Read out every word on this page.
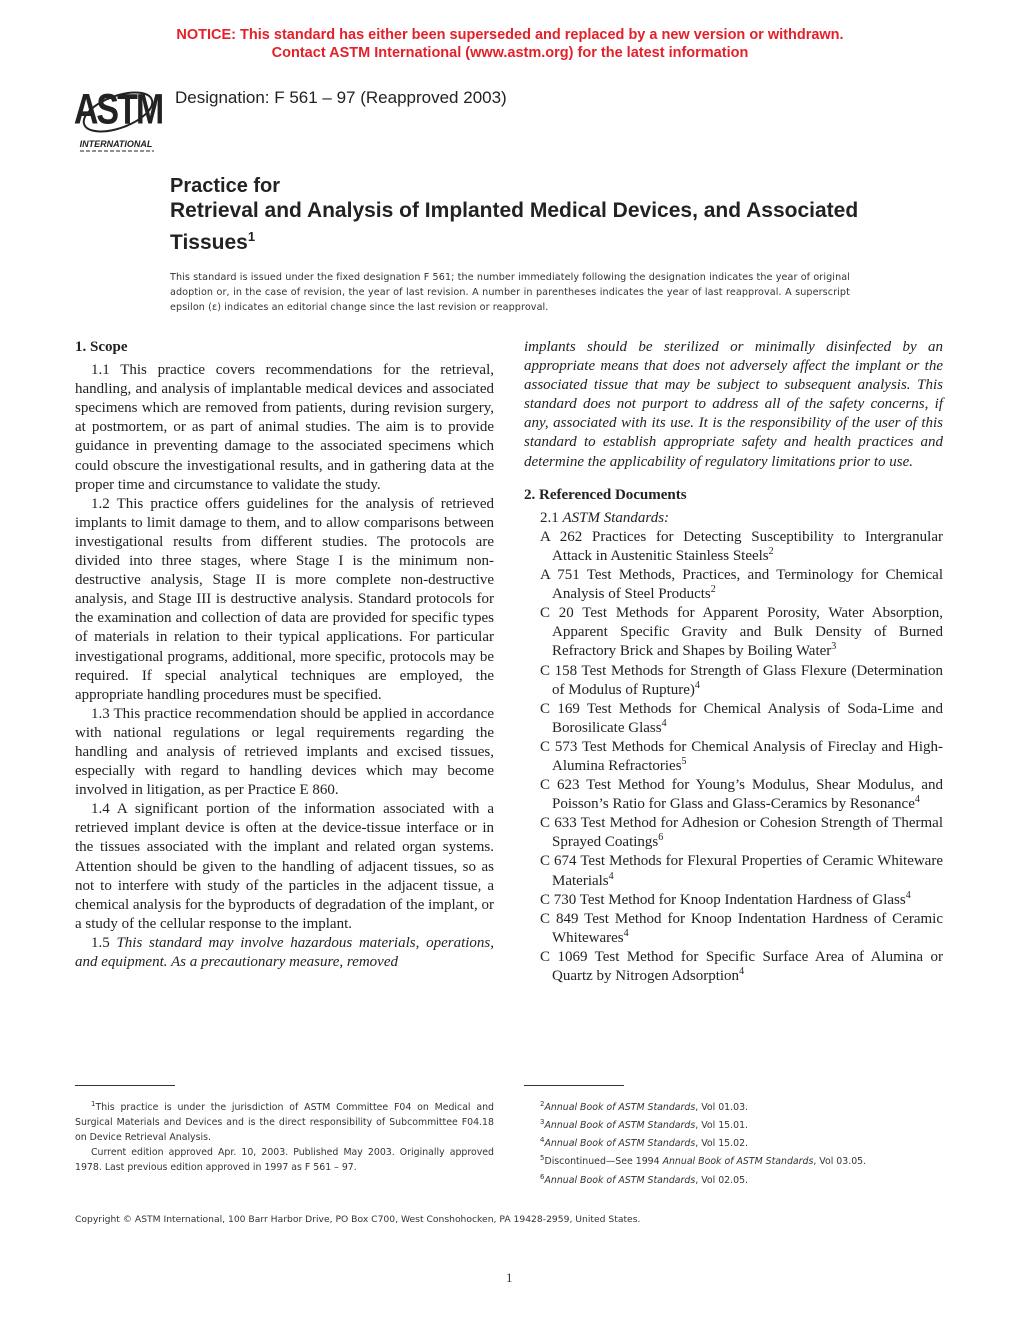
NOTICE: This standard has either been superseded and replaced by a new version or withdrawn.
Contact ASTM International (www.astm.org) for the latest information
ASTM
INTERNATIONAL
Designation: F 561 – 97 (Reapproved 2003)
Practice for
Retrieval and Analysis of Implanted Medical Devices, and Associated Tissues$^1$
This standard is issued under the fixed designation F 561; the number immediately following the designation indicates the year of original adoption or, in the case of revision, the year of last revision. A number in parentheses indicates the year of last reapproval. A superscript epsilon (ε) indicates an editorial change since the last revision or reapproval.
1. Scope

1.1 This practice covers recommendations for the retrieval, handling, and analysis of implantable medical devices and associated specimens which are removed from patients, during revision surgery, at postmortem, or as part of animal studies. The aim is to provide guidance in preventing damage to the associated specimens which could obscure the investigational results, and in gathering data at the proper time and circumstance to validate the study.

1.2 This practice offers guidelines for the analysis of retrieved implants to limit damage to them, and to allow comparisons between investigational results from different studies. The protocols are divided into three stages, where Stage I is the minimum non-destructive analysis, Stage II is more complete non-destructive analysis, and Stage III is destructive analysis. Standard protocols for the examination and collection of data are provided for specific types of materials in relation to their typical applications. For particular investigational programs, additional, more specific, protocols may be required. If special analytical techniques are employed, the appropriate handling procedures must be specified.

1.3 This practice recommendation should be applied in accordance with national regulations or legal requirements regarding the handling and analysis of retrieved implants and excised tissues, especially with regard to handling devices which may become involved in litigation, as per Practice E 860.

1.4 A significant portion of the information associated with a retrieved implant device is often at the device-tissue interface or in the tissues associated with the implant and related organ systems. Attention should be given to the handling of adjacent tissues, so as not to interfere with study of the particles in the adjacent tissue, a chemical analysis for the byproducts of degradation of the implant, or a study of the cellular response to the implant.

1.5 This standard may involve hazardous materials, operations, and equipment. As a precautionary measure, removed

implants should be sterilized or minimally disinfected by an appropriate means that does not adversely affect the implant or the associated tissue that may be subject to subsequent analysis. This standard does not purport to address all of the safety concerns, if any, associated with its use. It is the responsibility of the user of this standard to establish appropriate safety and health practices and determine the applicability of regulatory limitations prior to use.

2. Referenced Documents
2.1 ASTM Standards:
A 262 Practices for Detecting Susceptibility to Intergranular Attack in Austenitic Stainless Steels$^2$
A 751 Test Methods, Practices, and Terminology for Chemical Analysis of Steel Products$^2$
C 20 Test Methods for Apparent Porosity, Water Absorption, Apparent Specific Gravity and Bulk Density of Burned Refractory Brick and Shapes by Boiling Water$^3$
C 158 Test Methods for Strength of Glass Flexure (Determination of Modulus of Rupture)$^4$
C 169 Test Methods for Chemical Analysis of Soda-Lime and Borosilicate Glass$^4$
C 573 Test Methods for Chemical Analysis of Fireclay and High-Alumina Refractories$^5$
C 623 Test Method for Young’s Modulus, Shear Modulus, and Poisson’s Ratio for Glass and Glass-Ceramics by Resonance$^4$
C 633 Test Method for Adhesion or Cohesion Strength of Thermal Sprayed Coatings$^6$
C 674 Test Methods for Flexural Properties of Ceramic Whiteware Materials$^4$
C 730 Test Method for Knoop Indentation Hardness of Glass$^4$
C 849 Test Method for Knoop Indentation Hardness of Ceramic Whitewares$^4$
C 1069 Test Method for Specific Surface Area of Alumina or Quartz by Nitrogen Adsorption$^4$

$^1$This practice is under the jurisdiction of ASTM Committee F04 on Medical and Surgical Materials and Devices and is the direct responsibility of Subcommittee F04.18 on Device Retrieval Analysis.

Current edition approved Apr. 10, 2003. Published May 2003. Originally approved 1978. Last previous edition approved in 1997 as F 561 – 97.

$^2$Annual Book of ASTM Standards, Vol 01.03.
$^3$Annual Book of ASTM Standards, Vol 15.01.
$^4$Annual Book of ASTM Standards, Vol 15.02.
$^5$Discontinued—See 1994 Annual Book of ASTM Standards, Vol 03.05.
$^6$Annual Book of ASTM Standards, Vol 02.05.
Copyright © ASTM International, 100 Barr Harbor Drive, PO Box C700, West Conshohocken, PA 19428-2959, United States.
1
